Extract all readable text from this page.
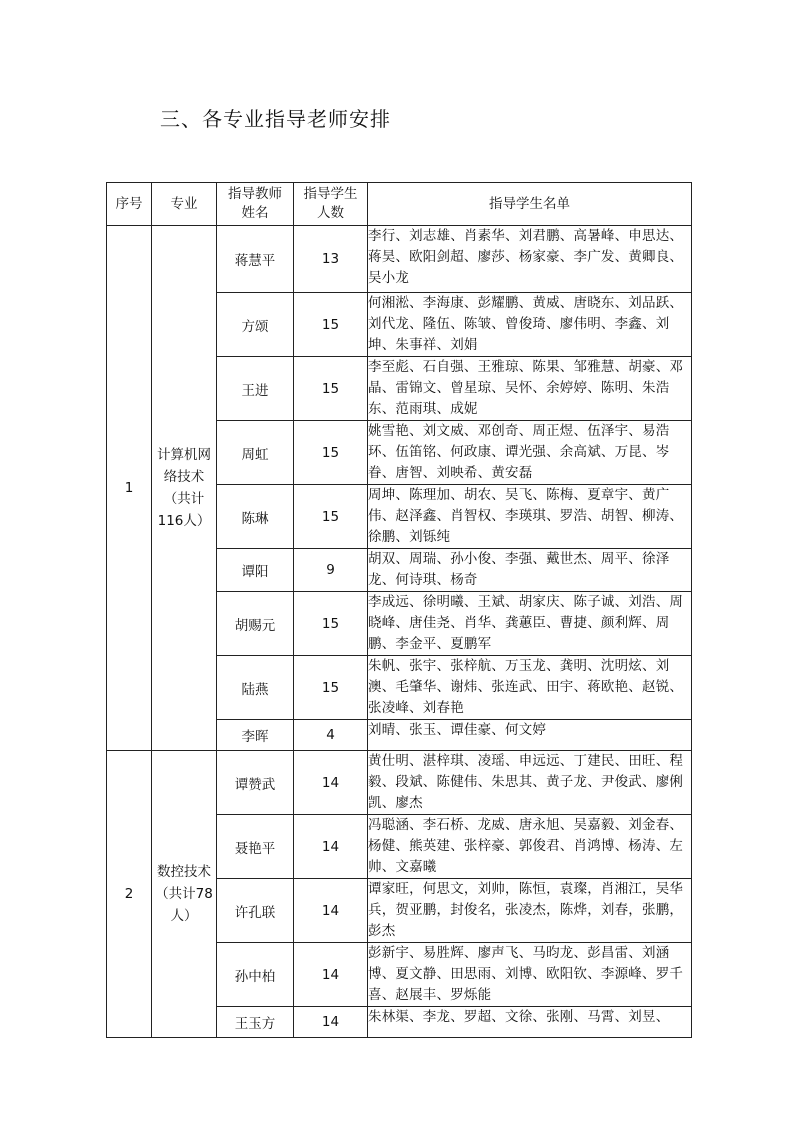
三、各专业指导老师安排
序号	专业	指导教师姓名	指导学生人数	指导学生名单
1	计算机网络技术（共计116人）	蒋慧平	13	李行、刘志雄、肖素华、刘君鹏、高暑峰、申思达、蒋昊、欧阳剑超、廖莎、杨家豪、李广发、黄卿良、吴小龙
		方颂	15	何湘淞、李海康、彭耀鹏、黄威、唐晓东、刘品跃、刘代龙、隆伍、陈皱、曾俊琦、廖伟明、李鑫、刘坤、朱事祥、刘娟
		王进	15	李至彪、石自强、王雅琼、陈果、邹雅慧、胡豪、邓晶、雷锦文、曾星琼、吴怀、余婷婷、陈明、朱浩东、范雨琪、成妮
		周虹	15	姚雪艳、刘文威、邓创奇、周正煜、伍泽宇、易浩环、伍笛铭、何政康、谭光强、余高斌、万昆、岑眷、唐智、刘映希、黄安磊
		陈琳	15	周坤、陈理加、胡农、吴飞、陈梅、夏章宇、黄广伟、赵泽鑫、肖智权、李瑛琪、罗浩、胡智、柳涛、徐鹏、刘铄纯
		谭阳	9	胡双、周瑞、孙小俊、李强、戴世杰、周平、徐泽龙、何诗琪、杨奇
		胡赐元	15	李成远、徐明曦、王斌、胡家庆、陈子诚、刘浩、周晓峰、唐佳尧、肖华、龚蕙臣、曹捷、颜利辉、周鹏、李金平、夏鹏军
		陆燕	15	朱帆、张宇、张梓航、万玉龙、龚明、沈明炫、刘澳、毛肇华、谢炜、张连武、田宇、蒋欧艳、赵锐、张凌峰、刘春艳
		李晖	4	刘晴、张玉、谭佳豪、何文婷
2	数控技术（共计78人）	谭赞武	14	黄仕明、湛梓琪、凌瑶、申远远、丁建民、田旺、程毅、段斌、陈健伟、朱思其、黄子龙、尹俊武、廖俐凯、廖杰
		聂艳平	14	冯聪涵、李石桥、龙威、唐永旭、吴嘉毅、刘金春、杨健、熊英建、张梓豪、郭俊君、肖鸿博、杨涛、左帅、文嘉曦
		许孔联	14	谭家旺，何思文，刘帅，陈恒，袁璨，肖湘江，吴华兵，贺亚鹏，封俊名，张凌杰，陈烨，刘春，张鹏，彭杰
		孙中柏	14	彭新宇、易胜辉、廖声飞、马昀龙、彭昌雷、刘涵博、夏文静、田思雨、刘博、欧阳钦、李源峰、罗千喜、赵展丰、罗烁能
		王玉方	14	朱林渠、李龙、罗超、文徐、张刚、马霄、刘昱、
